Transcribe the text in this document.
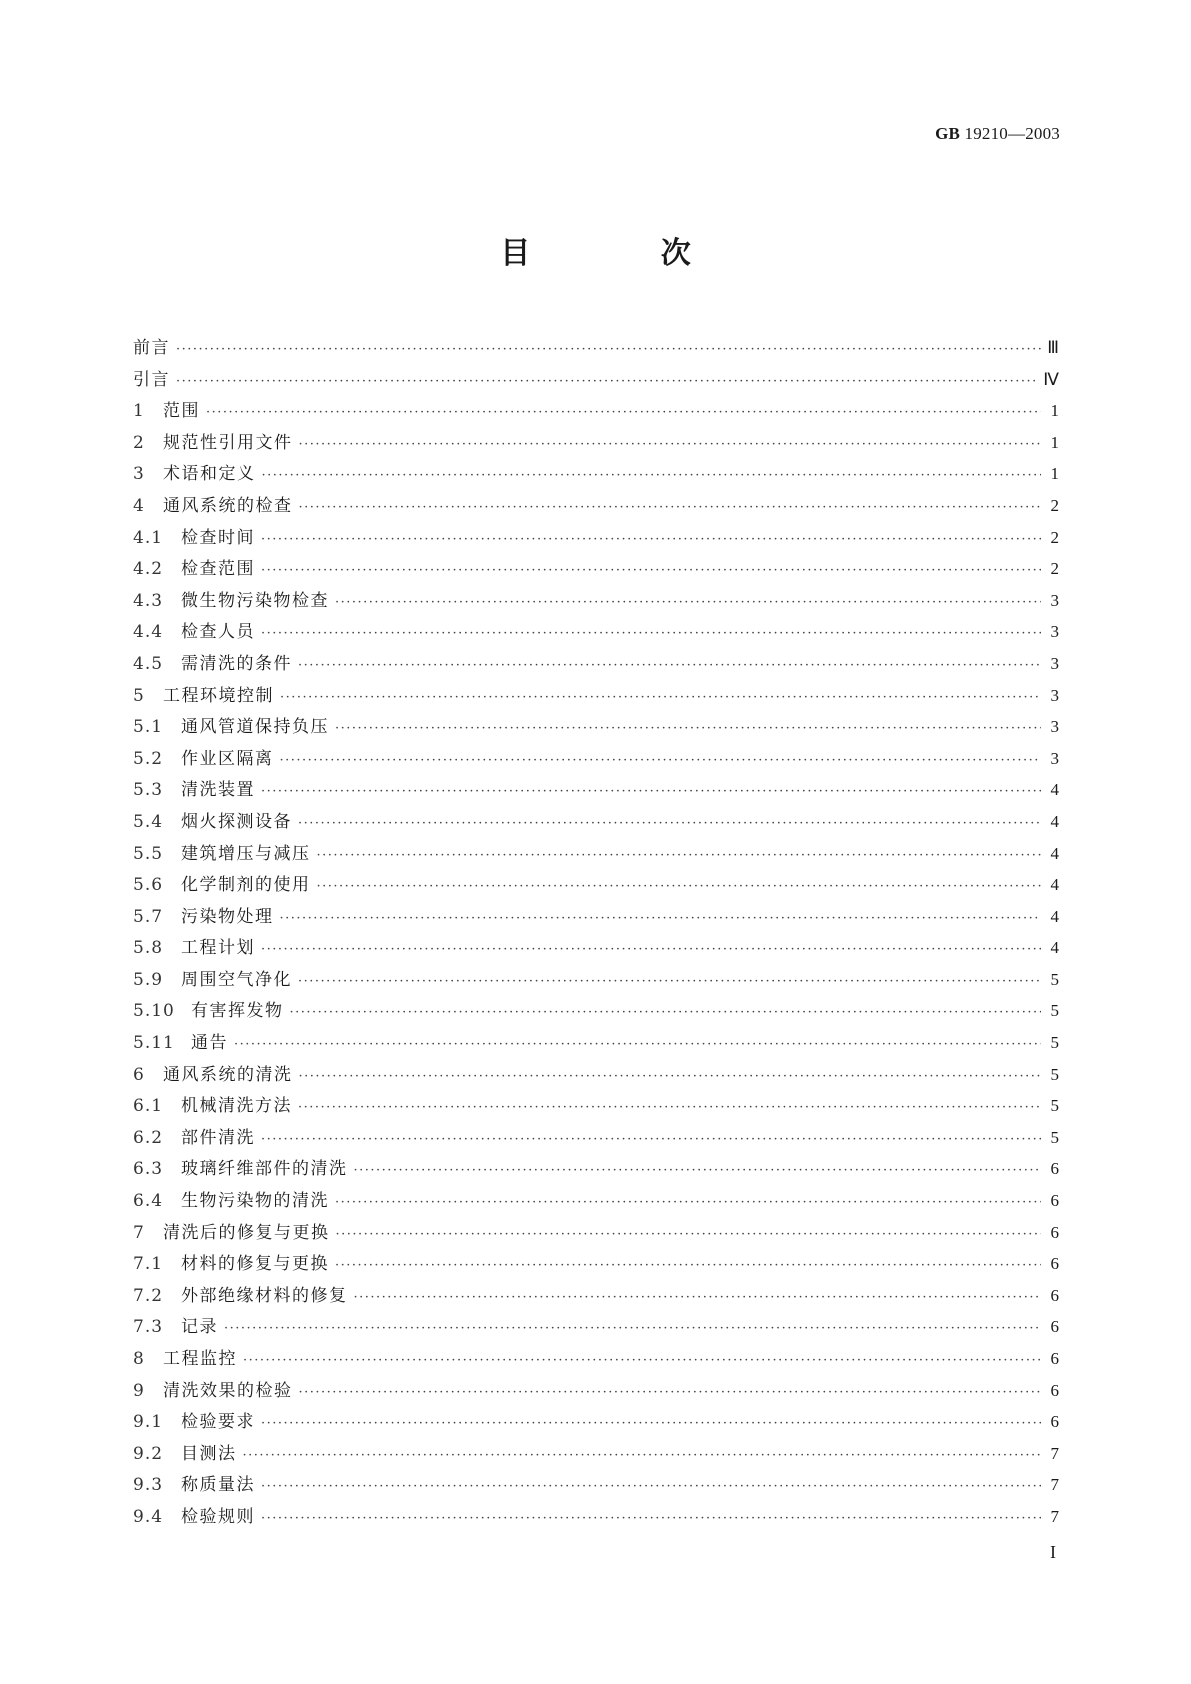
GB 19210—2003
目 次
前言 ·····	Ⅲ
引言 ·····	Ⅳ
1	范围 ·····	1
2	规范性引用文件 ·····	1
3	术语和定义 ·····	1
4	通风系统的检查 ·····	2
4.1	检查时间 ·····	2
4.2	检查范围 ·····	2
4.3	微生物污染物检查 ·····	3
4.4	检查人员 ·····	3
4.5	需清洗的条件 ·····	3
5	工程环境控制 ·····	3
5.1	通风管道保持负压 ·····	3
5.2	作业区隔离 ·····	3
5.3	清洗装置 ·····	4
5.4	烟火探测设备 ·····	4
5.5	建筑增压与减压 ·····	4
5.6	化学制剂的使用 ·····	4
5.7	污染物处理 ·····	4
5.8	工程计划 ·····	4
5.9	周围空气净化 ·····	5
5.10 有害挥发物 ·····	5
5.11 通告 ·····	5
6	通风系统的清洗 ·····	5
6.1	机械清洗方法 ·····	5
6.2	部件清洗 ·····	5
6.3	玻璃纤维部件的清洗 ·····	6
6.4	生物污染物的清洗 ·····	6
7	清洗后的修复与更换 ·····	6
7.1	材料的修复与更换 ·····	6
7.2	外部绝缘材料的修复 ·····	6
7.3	记录 ·····	6
8	工程监控 ·····	6
9	清洗效果的检验 ·····	6
9.1	检验要求 ·····	6
9.2	目测法 ·····	7
9.3	称质量法 ·····	7
9.4	检验规则 ·····	7
I
